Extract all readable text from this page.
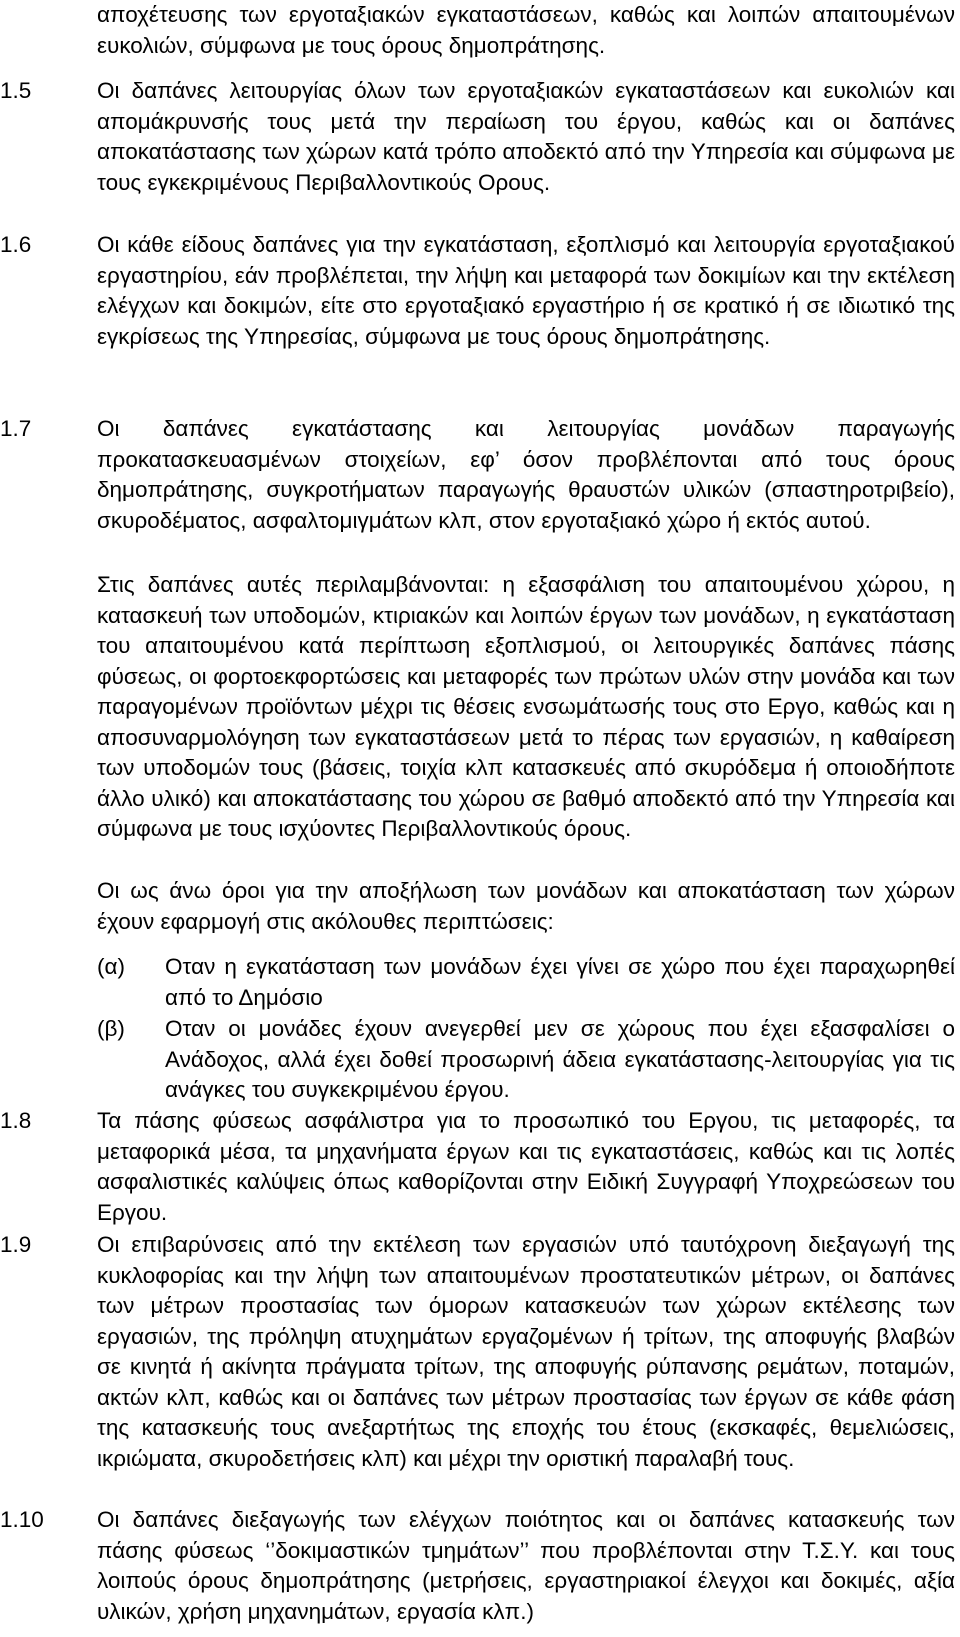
αποχέτευσης των εργοταξιακών εγκαταστάσεων, καθώς και λοιπών απαιτουμένων ευκολιών, σύμφωνα με τους όρους δημοπράτησης.
1.5	Οι δαπάνες λειτουργίας όλων των εργοταξιακών εγκαταστάσεων και ευκολιών και απομάκρυνσής τους μετά την περαίωση του έργου, καθώς και οι δαπάνες αποκατάστασης των χώρων κατά τρόπο αποδεκτό από την Υπηρεσία και σύμφωνα με τους εγκεκριμένους Περιβαλλοντικούς Ορους.
1.6	Οι κάθε είδους δαπάνες για την εγκατάσταση, εξοπλισμό και λειτουργία εργοταξιακού εργαστηρίου, εάν προβλέπεται, την λήψη και μεταφορά των δοκιμίων και την εκτέλεση ελέγχων και δοκιμών, είτε στο εργοταξιακό εργαστήριο ή σε κρατικό ή σε ιδιωτικό της εγκρίσεως της Υπηρεσίας, σύμφωνα με τους όρους δημοπράτησης.
1.7	Οι δαπάνες εγκατάστασης και λειτουργίας μονάδων παραγωγής προκατασκευασμένων στοιχείων, εφ’ όσον προβλέπονται από τους όρους δημοπράτησης, συγκροτήματων παραγωγής θραυστών υλικών (σπαστηροτριβείο), σκυροδέματος, ασφαλτομιγμάτων κλπ, στον εργοταξιακό χώρο ή εκτός αυτού.
Στις δαπάνες αυτές περιλαμβάνονται: η εξασφάλιση του απαιτουμένου χώρου, η κατασκευή των υποδομών, κτιριακών και λοιπών έργων των μονάδων, η εγκατάσταση του απαιτουμένου κατά περίπτωση εξοπλισμού, οι λειτουργικές δαπάνες πάσης φύσεως, οι φορτοεκφορτώσεις και μεταφορές των πρώτων υλών στην μονάδα και των παραγομένων προϊόντων μέχρι τις θέσεις ενσωμάτωσής τους στο Εργο, καθώς και η αποσυναρμολόγηση των εγκαταστάσεων μετά το πέρας των εργασιών, η καθαίρεση των υποδομών τους (βάσεις, τοιχία κλπ κατασκευές από σκυρόδεμα ή οποιοδήποτε άλλο υλικό) και αποκατάστασης του χώρου σε βαθμό αποδεκτό από την Υπηρεσία και σύμφωνα με τους ισχύοντες Περιβαλλοντικούς όρους.
Οι ως άνω όροι για την αποξήλωση των μονάδων και αποκατάσταση των χώρων έχουν εφαρμογή στις ακόλουθες περιπτώσεις:
(α) Οταν η εγκατάσταση των μονάδων έχει γίνει σε χώρο που έχει παραχωρηθεί από το Δημόσιο
(β) Οταν οι μονάδες έχουν ανεγερθεί μεν σε χώρους που έχει εξασφαλίσει ο Ανάδοχος, αλλά έχει δοθεί προσωρινή άδεια εγκατάστασης-λειτουργίας για τις ανάγκες του συγκεκριμένου έργου.
1.8	Τα πάσης φύσεως ασφάλιστρα για το προσωπικό του Εργου, τις μεταφορές, τα μεταφορικά μέσα, τα μηχανήματα έργων και τις εγκαταστάσεις, καθώς και τις λοπές ασφαλιστικές καλύψεις όπως καθορίζονται στην Ειδική Συγγραφή Υποχρεώσεων του Εργου.
1.9	Οι επιβαρύνσεις από την εκτέλεση των εργασιών υπό ταυτόχρονη διεξαγωγή της κυκλοφορίας και την λήψη των απαιτουμένων προστατευτικών μέτρων, οι δαπάνες των μέτρων προστασίας των όμορων κατασκευών των χώρων εκτέλεσης των εργασιών, της πρόληψη ατυχημάτων εργαζομένων ή τρίτων, της αποφυγής βλαβών σε κινητά ή ακίνητα πράγματα τρίτων, της αποφυγής ρύπανσης ρεμάτων, ποταμών, ακτών κλπ, καθώς και οι δαπάνες των μέτρων προστασίας των έργων σε κάθε φάση της κατασκευής τους ανεξαρτήτως της εποχής του έτους (εκσκαφές, θεμελιώσεις, ικριώματα, σκυροδετήσεις κλπ) και μέχρι την οριστική παραλαβή τους.
1.10 Οι δαπάνες διεξαγωγής των ελέγχων ποιότητος και οι δαπάνες κατασκευής των πάσης φύσεως ‘’δοκιμαστικών τμημάτων’’ που προβλέπονται στην Τ.Σ.Υ. και τους λοιπούς όρους δημοπράτησης (μετρήσεις, εργαστηριακοί έλεγχοι και δοκιμές, αξία υλικών, χρήση μηχανημάτων, εργασία κλπ.)
